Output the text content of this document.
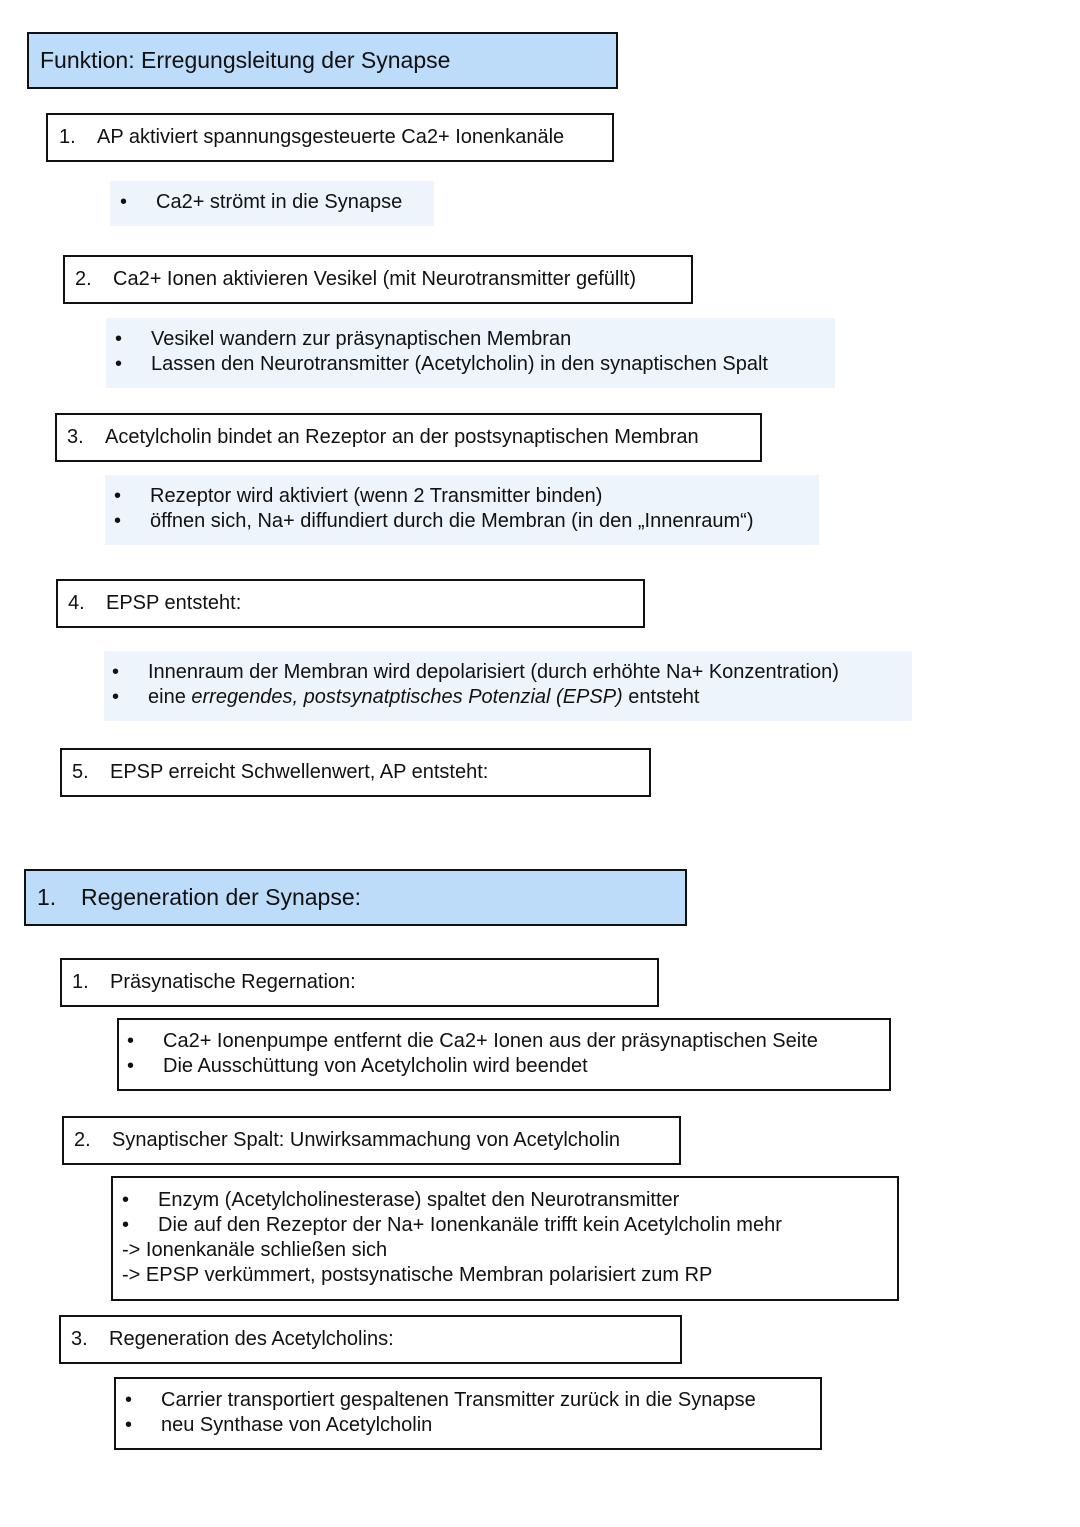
Funktion: Erregungsleitung der Synapse
1.	AP aktiviert spannungsgesteuerte Ca2+ Ionenkanäle
• Ca2+ strömt in die Synapse
2.	Ca2+ Ionen aktivieren Vesikel (mit Neurotransmitter gefüllt)
• Vesikel wandern zur präsynaptischen Membran
• Lassen den Neurotransmitter (Acetylcholin) in den synaptischen Spalt
3.	Acetylcholin bindet an Rezeptor an der postsynaptischen Membran
• Rezeptor wird aktiviert (wenn 2 Transmitter binden)
• öffnen sich, Na+ diffundiert durch die Membran (in den „Innenraum“)
4.	EPSP entsteht:
• Innenraum der Membran wird depolarisiert (durch erhöhte Na+ Konzentration)
• eine erregendes, postsynatptisches Potenzial (EPSP) entsteht
5.	EPSP erreicht Schwellenwert, AP entsteht:
1.	Regeneration der Synapse:
1.	Präsynatische Regernation:
• Ca2+ Ionenpumpe entfernt die Ca2+ Ionen aus der präsynaptischen Seite
• Die Ausschüttung von Acetylcholin wird beendet
2.	Synaptischer Spalt: Unwirksammachung von Acetylcholin
• Enzym (Acetylcholinesterase) spaltet den Neurotransmitter
• Die auf den Rezeptor der Na+ Ionenkanäle trifft kein Acetylcholin mehr
-> Ionenkanäle schließen sich
-> EPSP verkümmert, postsynatische Membran polarisiert zum RP
3.	Regeneration des Acetylcholins:
• Carrier transportiert gespaltenen Transmitter zurück in die Synapse
• neu Synthase von Acetylcholin
